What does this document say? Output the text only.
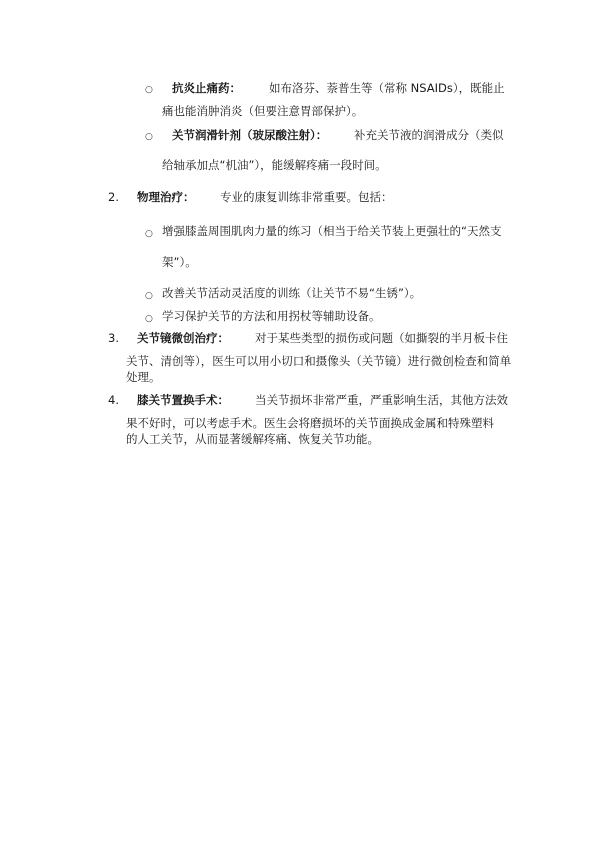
○ 抗炎止痛药： 如布洛芬、萘普生等（常称 NSAIDs），既能止
痛也能消肿消炎（但要注意胃部保护）。
○ 关节润滑针剂（玻尿酸注射）： 补充关节液的润滑成分（类似
给轴承加点“机油”），能缓解疼痛一段时间。
2. 物理治疗： 专业的康复训练非常重要。包括：
○ 增强膝盖周围肌肉力量的练习（相当于给关节装上更强壮的“天然支
架”）。
○ 改善关节活动灵活度的训练（让关节不易“生锈”）。
○ 学习保护关节的方法和用拐杖等辅助设备。
3. 关节镜微创治疗： 对于某些类型的损伤或问题（如撕裂的半月板卡住
关节、清创等），医生可以用小切口和摄像头（关节镜）进行微创检查和简单
处理。
4. 膝关节置换手术： 当关节损坏非常严重，严重影响生活，其他方法效
果不好时，可以考虑手术。医生会将磨损坏的关节面换成金属和特殊塑料
的人工关节，从而显著缓解疼痛、恢复关节功能。
